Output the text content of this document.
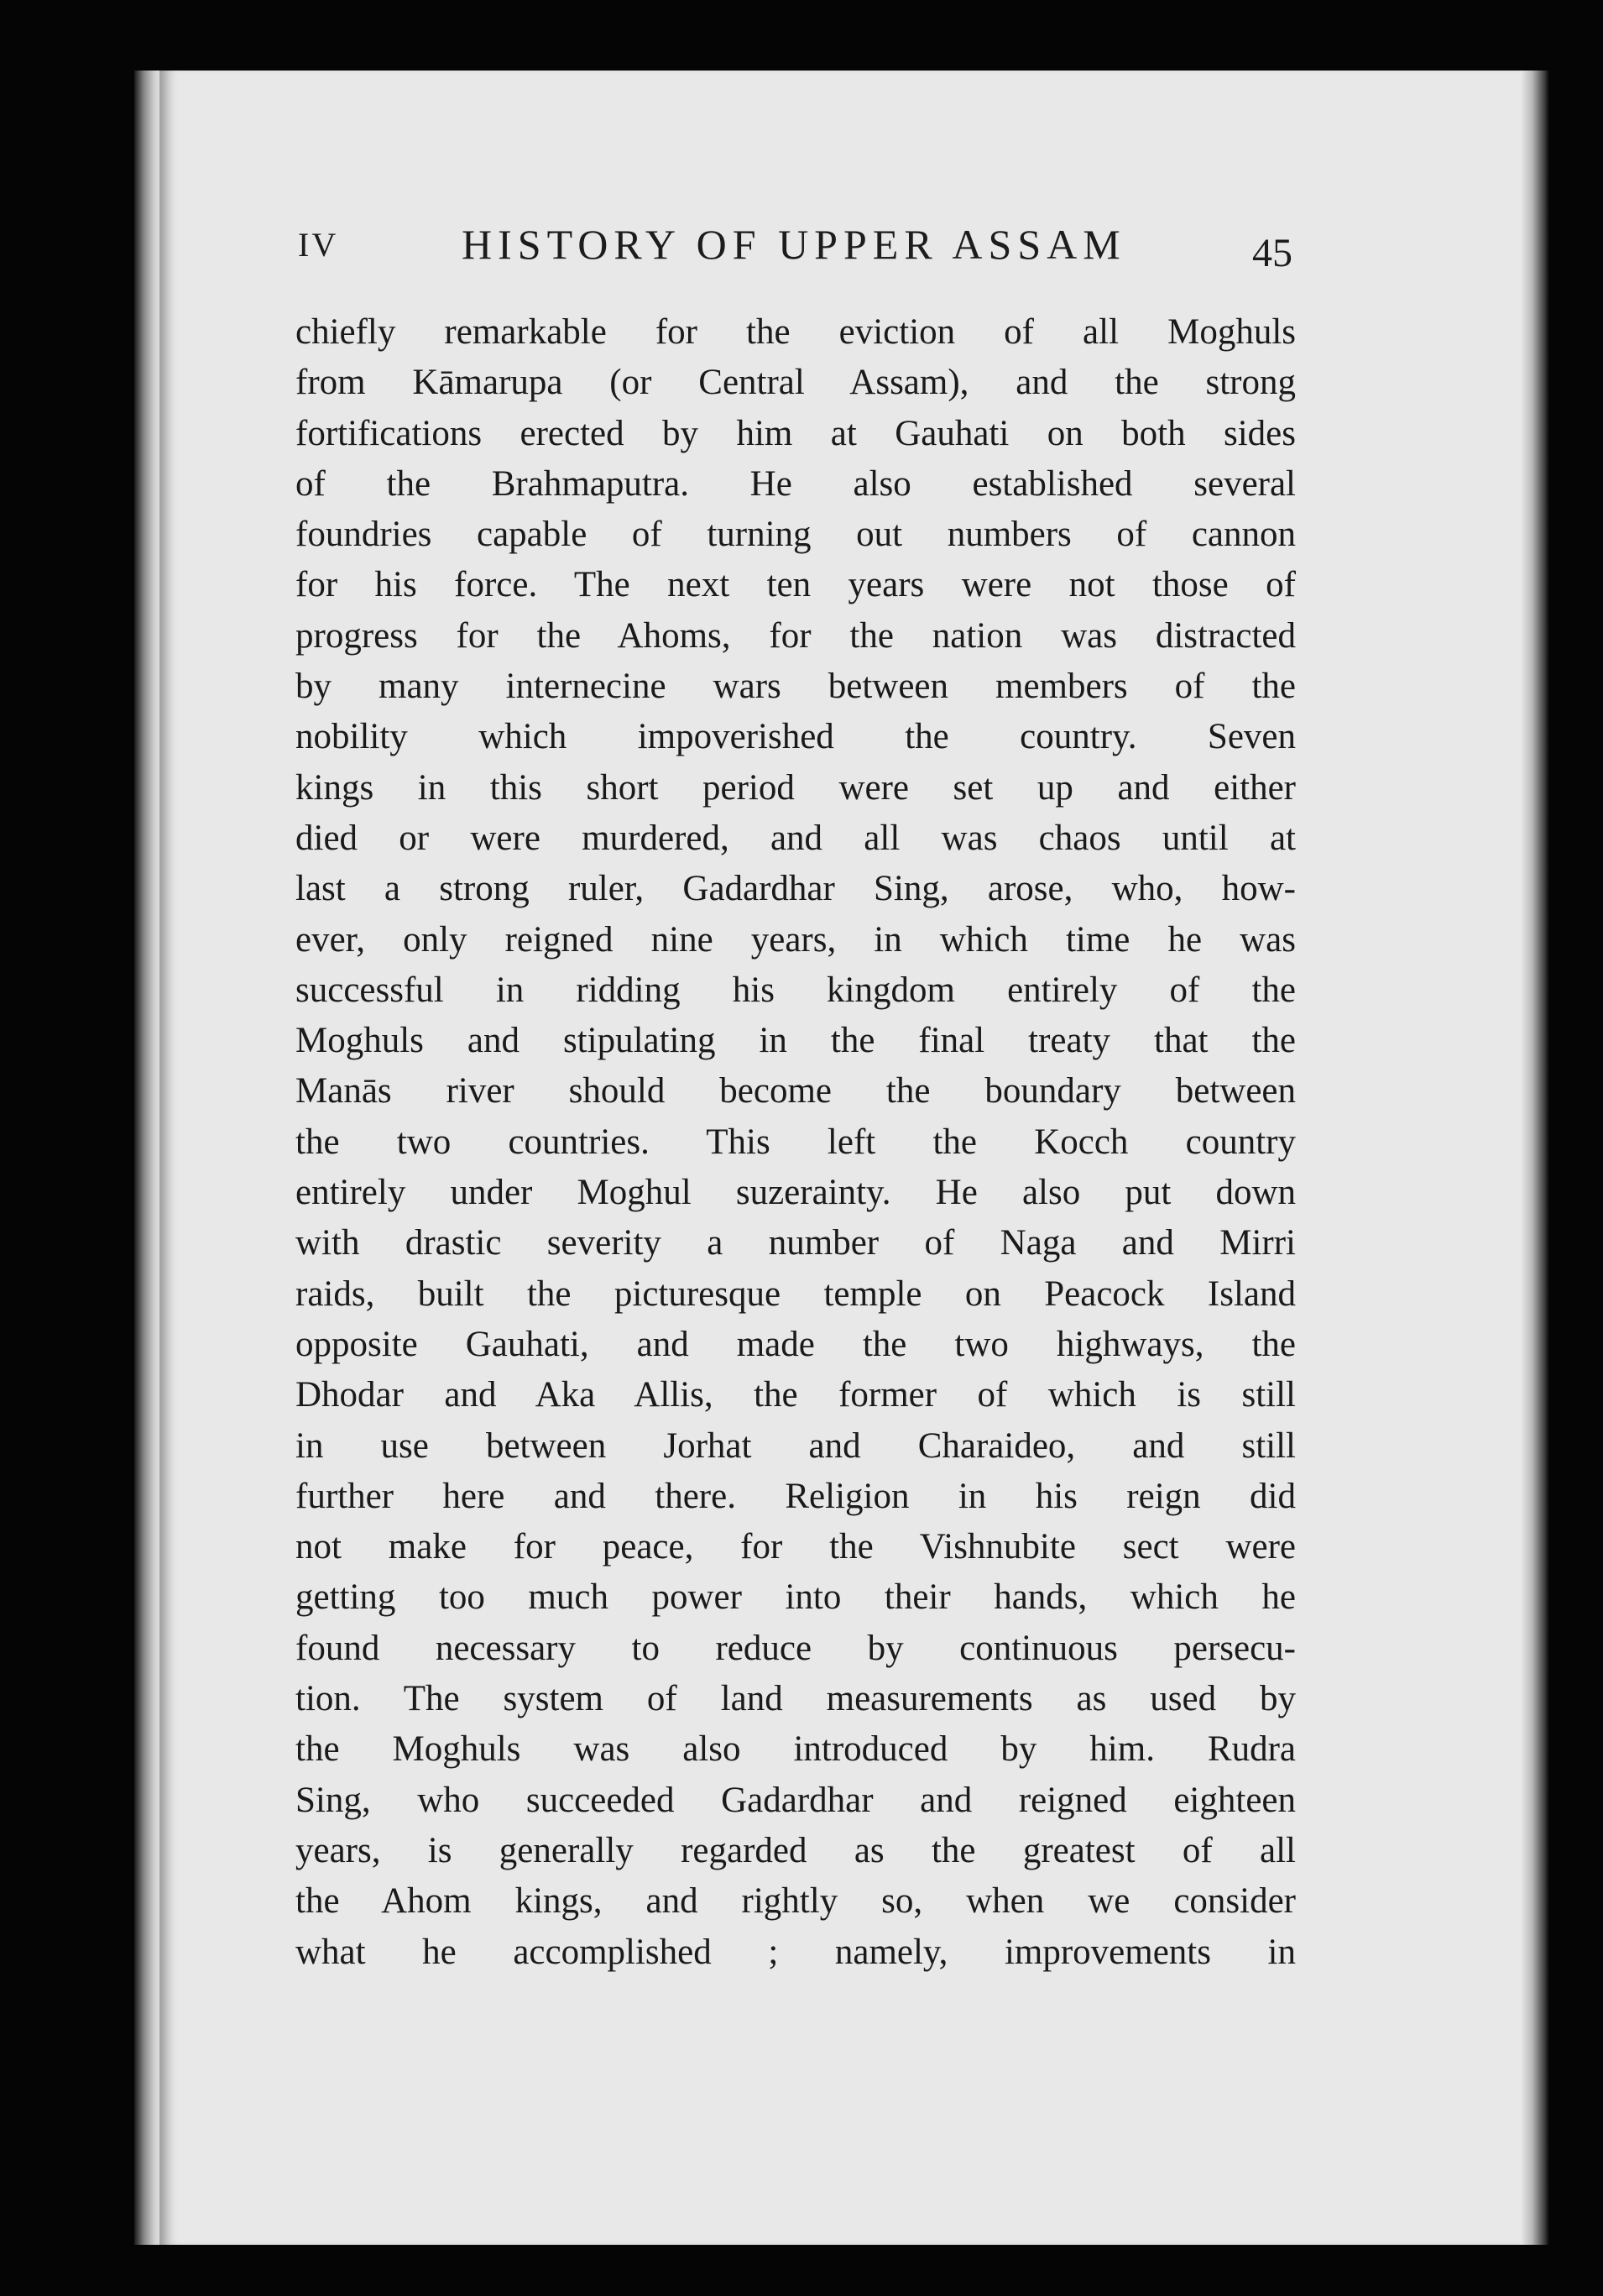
IV	HISTORY OF UPPER ASSAM	45
chiefly remarkable for the eviction of all Moghuls
from Kāmarupa (or Central Assam), and the strong
fortifications erected by him at Gauhati on both sides
of the Brahmaputra. He also established several
foundries capable of turning out numbers of cannon
for his force. The next ten years were not those of
progress for the Ahoms, for the nation was distracted
by many internecine wars between members of the
nobility which impoverished the country. Seven
kings in this short period were set up and either
died or were murdered, and all was chaos until at
last a strong ruler, Gadardhar Sing, arose, who, how-
ever, only reigned nine years, in which time he was
successful in ridding his kingdom entirely of the
Moghuls and stipulating in the final treaty that the
Manās river should become the boundary between
the two countries. This left the Kocch country
entirely under Moghul suzerainty. He also put down
with drastic severity a number of Naga and Mirri
raids, built the picturesque temple on Peacock Island
opposite Gauhati, and made the two highways, the
Dhodar and Aka Allis, the former of which is still
in use between Jorhat and Charaideo, and still
further here and there. Religion in his reign did
not make for peace, for the Vishnubite sect were
getting too much power into their hands, which he
found necessary to reduce by continuous persecu-
tion. The system of land measurements as used by
the Moghuls was also introduced by him. Rudra
Sing, who succeeded Gadardhar and reigned eighteen
years, is generally regarded as the greatest of all
the Ahom kings, and rightly so, when we consider
what he accomplished ; namely, improvements in
